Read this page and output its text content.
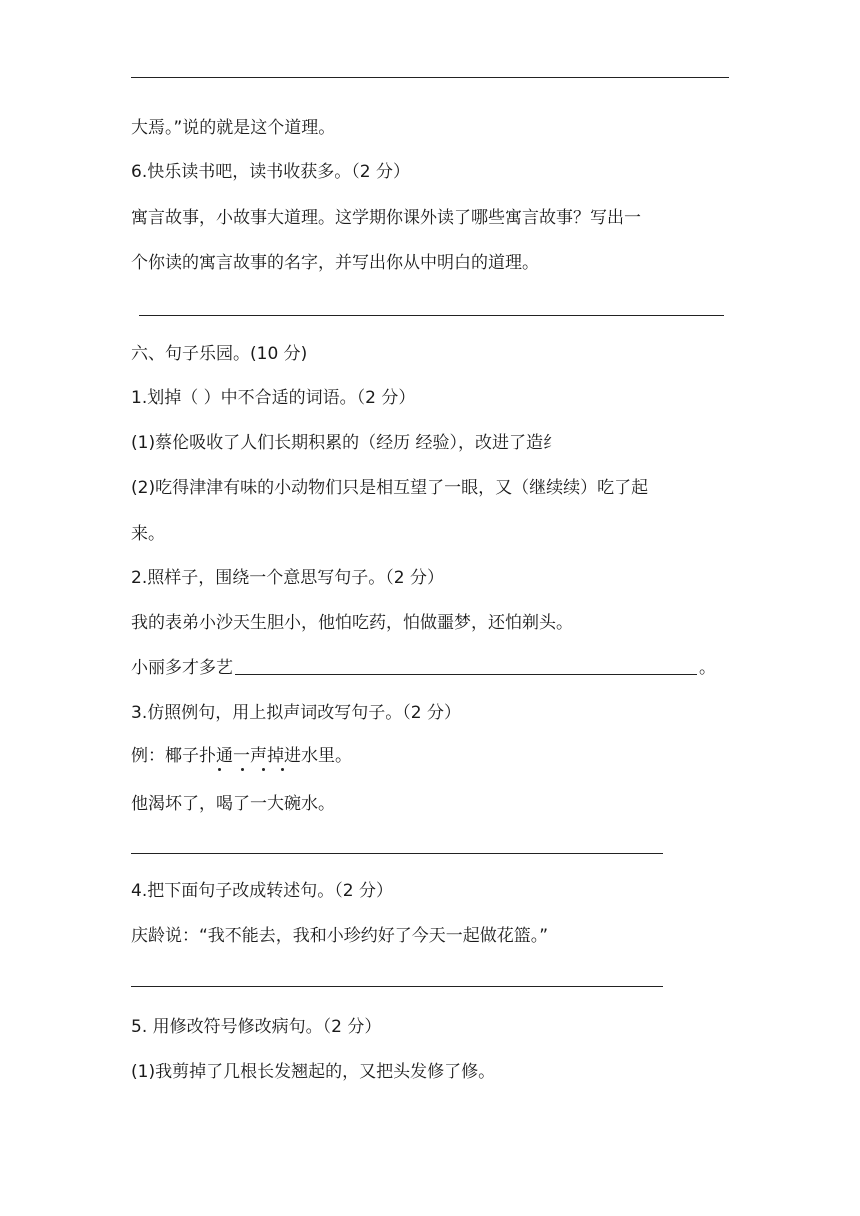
大焉。”说的就是这个道理。
6.快乐读书吧，读书收获多。（2 分）
寓言故事，小故事大道理。这学期你课外读了哪些寓言故事？写出一
个你读的寓言故事的名字，并写出你从中明白的道理。
六、句子乐园。(10 分)
1.划掉（ ）中不合适的词语。（2 分）
(1)蔡伦吸收了人们长期积累的（经历 经验），改进了造纟
(2)吃得津津有味的小动物们只是相互望了一眼，又（继续续）吃了起
来。
2.照样子，围绕一个意思写句子。（2 分）
我的表弟小沙天生胆小，他怕吃药，怕做噩梦，还怕剃头。
小丽多才多艺	。
3.仿照例句，用上拟声词改写句子。（2 分）
例：椰子扑通一声掉进水里。
他渴坏了，喝了一大碗水。
4.把下面句子改成转述句。（2 分）
庆龄说：“我不能去，我和小珍约好了今天一起做花篮。”
5. 用修改符号修改病句。（2 分）
(1)我剪掉了几根长发翘起的，又把头发修了修。
